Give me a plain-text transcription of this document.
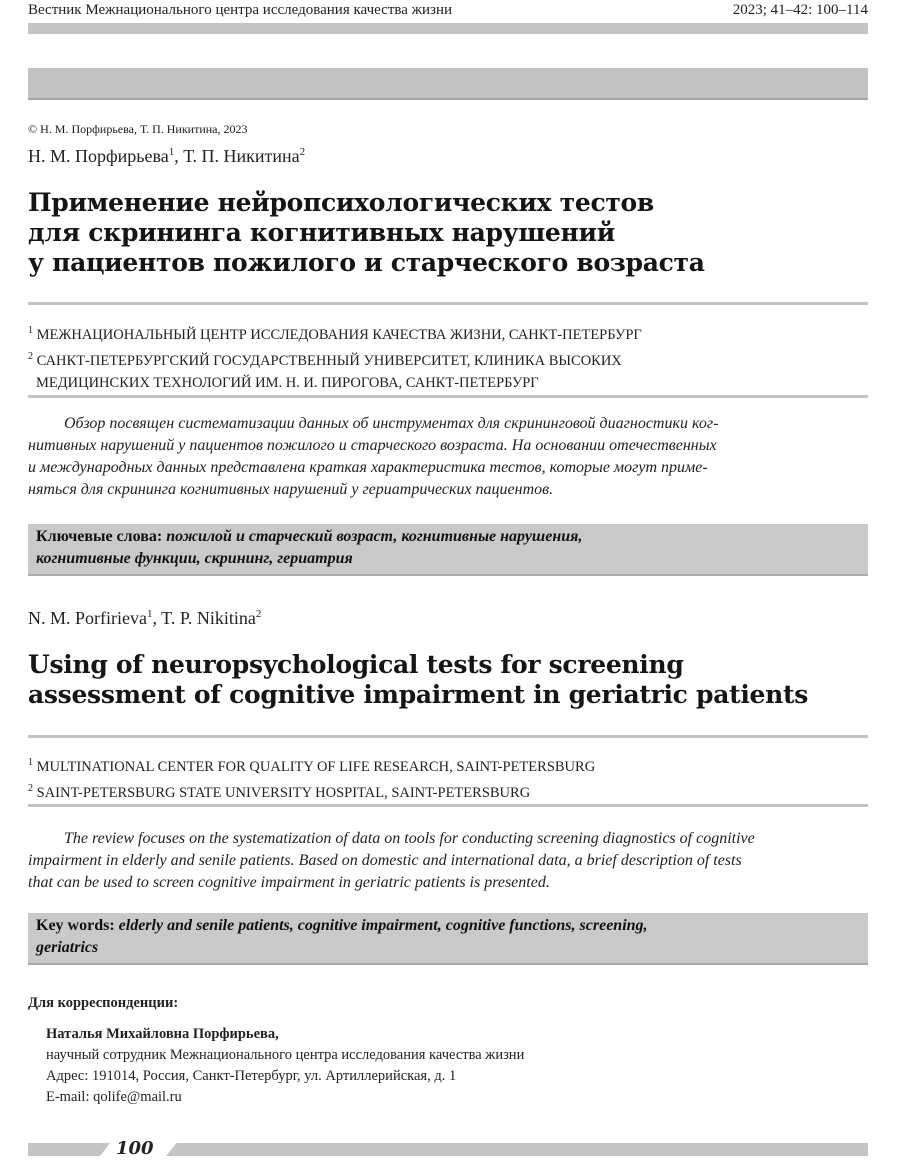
Вестник Межнационального центра исследования качества жизни	2023; 41–42: 100–114
© Н. М. Порфирьева, Т. П. Никитина, 2023
Н. М. Порфирьева$^1$, Т. П. Никитина$^2$
Применение нейропсихологических тестов
для скрининга когнитивных нарушений
у пациентов пожилого и старческого возраста
$^1$ МЕЖНАЦИОНАЛЬНЫЙ ЦЕНТР ИССЛЕДОВАНИЯ КАЧЕСТВА ЖИЗНИ, САНКТ-ПЕТЕРБУРГ
$^2$ САНКТ-ПЕТЕРБУРГСКИЙ ГОСУДАРСТВЕННЫЙ УНИВЕРСИТЕТ, КЛИНИКА ВЫСОКИХ
МЕДИЦИНСКИХ ТЕХНОЛОГИЙ ИМ. Н. И. ПИРОГОВА, САНКТ-ПЕТЕРБУРГ
Обзор посвящен систематизации данных об инструментах для скрининговой диагностики ког-
нитивных нарушений у пациентов пожилого и старческого возраста. На основании отечественных
и международных данных представлена краткая характеристика тестов, которые могут приме-
няться для скрининга когнитивных нарушений у гериатрических пациентов.
Ключевые слова: пожилой и старческий возраст, когнитивные нарушения,
когнитивные функции, скрининг, гериатрия
N. M. Porfirieva$^1$, T. P. Nikitina$^2$
Using of neuropsychological tests for screening
assessment of cognitive impairment in geriatric patients
$^1$ MULTINATIONAL CENTER FOR QUALITY OF LIFE RESEARCH, SAINT-PETERSBURG
$^2$ SAINT-PETERSBURG STATE UNIVERSITY HOSPITAL, SAINT-PETERSBURG
The review focuses on the systematization of data on tools for conducting screening diagnostics of cognitive
impairment in elderly and senile patients. Based on domestic and international data, a brief description of tests
that can be used to screen cognitive impairment in geriatric patients is presented.
Key words: elderly and senile patients, cognitive impairment, cognitive functions, screening,
geriatrics
Для корреспонденции:
Наталья Михайловна Порфирьева,
научный сотрудник Межнационального центра исследования качества жизни
Адрес: 191014, Россия, Санкт-Петербург, ул. Артиллерийская, д. 1
E-mail: qolife@mail.ru
100
